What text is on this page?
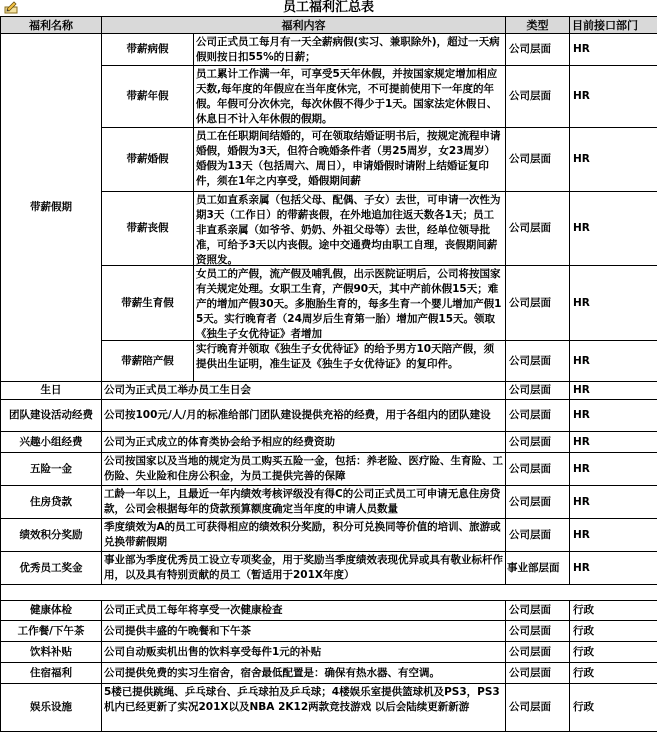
员工福利汇总表
福利名称	福利内容		类型	目前接口部门
带薪假期	带薪病假	公司正式员工每月有一天全薪病假(实习、兼职除外)，超过一天病假则按日扣55%的日薪；	公司层面	HR
	带薪年假	员工累计工作满一年，可享受5天年休假，并按国家规定增加相应天数,每年度的年假应在当年度休完，不可提前使用下一年度的年假。年假可分次休完，每次休假不得少于1天。国家法定休假日、休息日不计入年休假的假期。	公司层面	HR
	带薪婚假	员工在任职期间结婚的，可在领取结婚证明书后，按规定流程申请婚假，婚假为3天，但符合晚婚条件者（男25周岁，女23周岁）婚假为13天（包括周六、周日），申请婚假时请附上结婚证复印件，须在1年之内享受，婚假期间薪	公司层面	HR
	带薪丧假	员工如直系亲属（包括父母、配偶、子女）去世，可申请一次性为期3天（工作日）的带薪丧假，在外地追加往返天数各1天；员工非直系亲属（如爷爷、奶奶、外祖父母等）去世，经单位领导批准，可给予3天以内丧假。途中交通费均由职工自理，丧假期间薪资照发。	公司层面	HR
	带薪生育假	女员工的产假，流产假及哺乳假，出示医院证明后，公司将按国家有关规定处理。女职工生育，产假90天，其中产前休假15天；难产的增加产假30天。多胞胎生育的，每多生育一个婴儿增加产假15天。实行晚育者（24周岁后生育第一胎）增加产假15天。领取《独生子女优待证》者增加	公司层面	HR
	带薪陪产假	实行晚育并领取《独生子女优待证》的给予男方10天陪产假，须提供出生证明，准生证及《独生子女优待证》的复印件。	公司层面	HR
生日	公司为正式员工举办员工生日会		公司层面	HR
团队建设活动经费	公司按100元/人/月的标准给部门团队建设提供充裕的经费，用于各组内的团队建设		公司层面	HR
兴趣小组经费	公司为正式成立的体育类协会给予相应的经费资助		公司层面	HR
五险一金	公司按国家以及当地的规定为员工购买五险一金，包括：养老险、医疗险、生育险、工伤险、失业险和住房公积金，为员工提供完善的保障		公司层面	HR
住房贷款	工龄一年以上，且最近一年内绩效考核评级没有得C的公司正式员工可申请无息住房贷款，公司会根据每年的贷款预算额度确定当年度的申请人员数量		公司层面	HR
绩效积分奖励	季度绩效为A的员工可获得相应的绩效积分奖励，积分可兑换同等价值的培训、旅游或兑换带薪假期		公司层面	HR
优秀员工奖金	事业部为季度优秀员工设立专项奖金，用于奖励当季度绩效表现优异或具有敬业标杆作用，以及具有特别贡献的员工（暂适用于201X年度）		事业部层面	HR

健康体检	公司正式员工每年将享受一次健康检查		公司层面	行政
工作餐/下午茶	公司提供丰盛的午晚餐和下午茶		公司层面	行政
饮料补贴	公司自动贩卖机出售的饮料享受每件1元的补贴		公司层面	行政
住宿福利	公司提供免费的实习生宿舍，宿舍最低配置是：确保有热水器、有空调。		公司层面	行政
娱乐设施	5楼已提供跳绳、乒乓球台、乒乓球拍及乒乓球；4楼娱乐室提供篮球机及PS3，PS3机内已经更新了实况201X以及NBA 2K12两款竞技游戏 以后会陆续更新新游		公司层面	行政
